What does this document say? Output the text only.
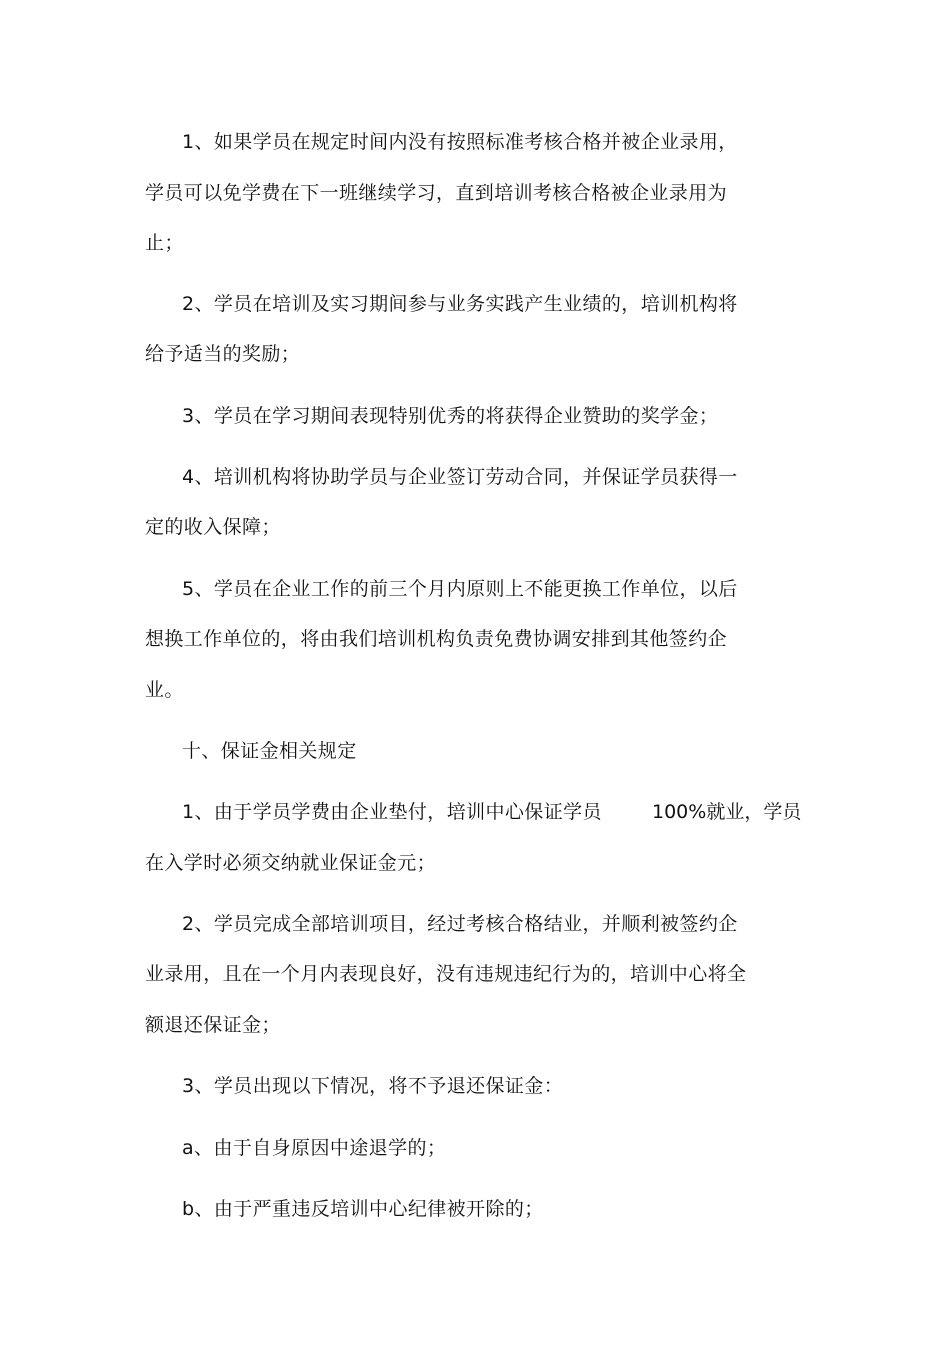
1、如果学员在规定时间内没有按照标准考核合格并被企业录用，
学员可以免学费在下一班继续学习，直到培训考核合格被企业录用为
止；
2、学员在培训及实习期间参与业务实践产生业绩的，培训机构将
给予适当的奖励；
3、学员在学习期间表现特别优秀的将获得企业赞助的奖学金；
4、培训机构将协助学员与企业签订劳动合同，并保证学员获得一
定的收入保障；
5、学员在企业工作的前三个月内原则上不能更换工作单位，以后
想换工作单位的，将由我们培训机构负责免费协调安排到其他签约企
业。
十、保证金相关规定
1、由于学员学费由企业垫付，培训中心保证学员	100%就业，学员
在入学时必须交纳就业保证金元；
2、学员完成全部培训项目，经过考核合格结业，并顺利被签约企
业录用，且在一个月内表现良好，没有违规违纪行为的，培训中心将全
额退还保证金；
3、学员出现以下情况，将不予退还保证金：
a、由于自身原因中途退学的；
b、由于严重违反培训中心纪律被开除的；
